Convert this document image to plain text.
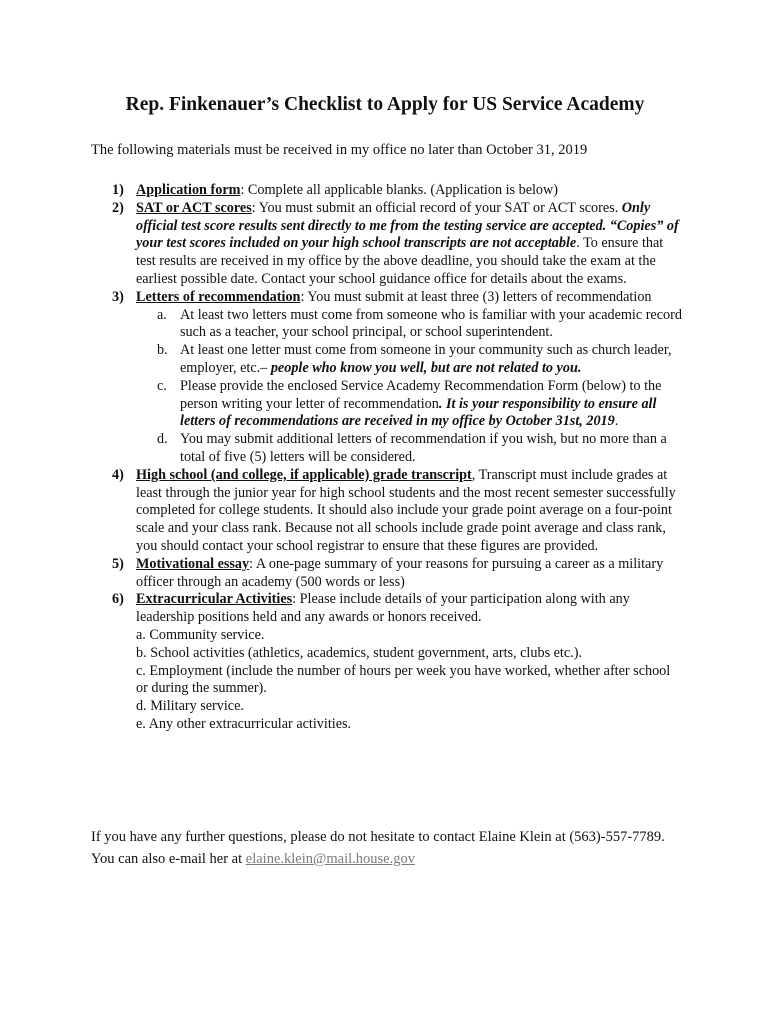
Rep. Finkenauer’s Checklist to Apply for US Service Academy

The following materials must be received in my office no later than October 31, 2019

1) Application form: Complete all applicable blanks. (Application is below)
2) SAT or ACT scores: You must submit an official record of your SAT or ACT scores. Only official test score results sent directly to me from the testing service are accepted. “Copies” of your test scores included on your high school transcripts are not acceptable. To ensure that test results are received in my office by the above deadline, you should take the exam at the earliest possible date. Contact your school guidance office for details about the exams.
3) Letters of recommendation: You must submit at least three (3) letters of recommendation
a. At least two letters must come from someone who is familiar with your academic record such as a teacher, your school principal, or school superintendent.
b. At least one letter must come from someone in your community such as church leader, employer, etc.– people who know you well, but are not related to you.
c. Please provide the enclosed Service Academy Recommendation Form (below) to the person writing your letter of recommendation. It is your responsibility to ensure all letters of recommendations are received in my office by October 31st, 2019.
d. You may submit additional letters of recommendation if you wish, but no more than a total of five (5) letters will be considered.
4) High school (and college, if applicable) grade transcript, Transcript must include grades at least through the junior year for high school students and the most recent semester successfully completed for college students. It should also include your grade point average on a four-point scale and your class rank. Because not all schools include grade point average and class rank, you should contact your school registrar to ensure that these figures are provided.
5) Motivational essay: A one-page summary of your reasons for pursuing a career as a military officer through an academy (500 words or less)
6) Extracurricular Activities: Please include details of your participation along with any leadership positions held and any awards or honors received.
a. Community service.
b. School activities (athletics, academics, student government, arts, clubs etc.).
c. Employment (include the number of hours per week you have worked, whether after school or during the summer).
d. Military service.
e. Any other extracurricular activities.

If you have any further questions, please do not hesitate to contact Elaine Klein at (563)-557-7789. You can also e-mail her at elaine.klein@mail.house.gov
